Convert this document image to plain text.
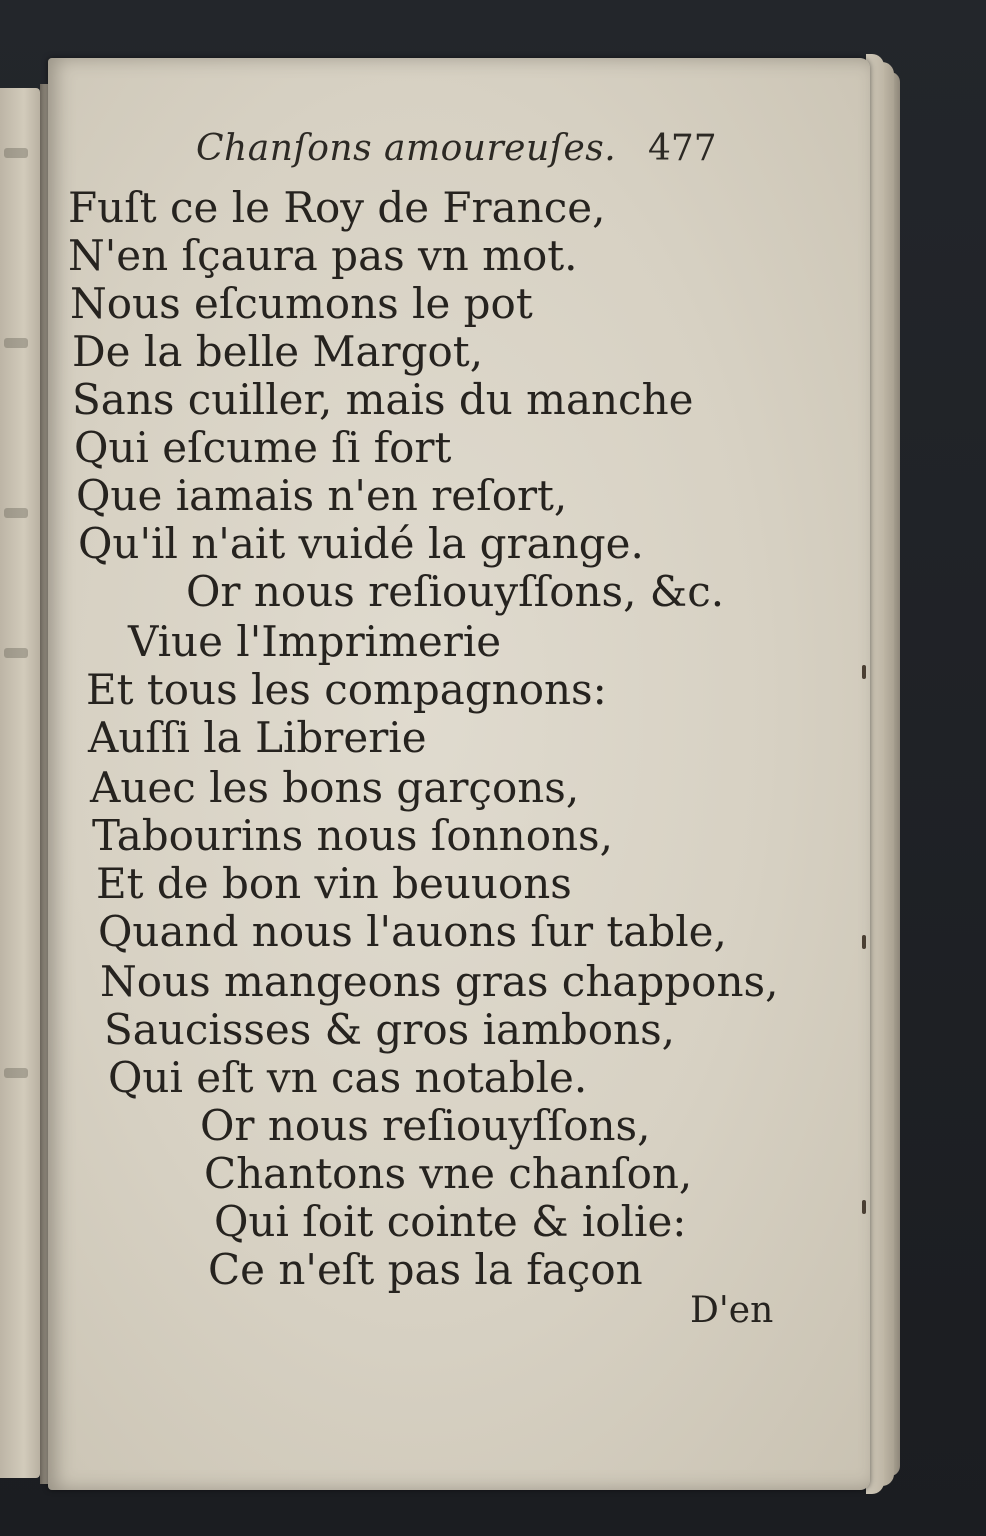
Chanſons amoureuſes. 477

Fuſt ce le Roy de France,

N'en ſçaura pas vn mot.

Nous eſcumons le pot

De la belle Margot,

Sans cuiller, mais du manche

Qui eſcume ſi fort

Que iamais n'en reſort,

Qu'il n'ait vuidé la grange.

Or nous reſiouyſſons, &c.

Viue l'Imprimerie

Et tous les compagnons:

Auſſi la Librerie

Auec les bons garçons,

Tabourins nous ſonnons,

Et de bon vin beuuons

Quand nous l'auons ſur table,

Nous mangeons gras chappons,

Saucisses & gros iambons,

Qui eſt vn cas notable.

Or nous reſiouyſſons,

Chantons vne chanſon,

Qui ſoit cointe & iolie:

Ce n'eſt pas la façon

D'en
